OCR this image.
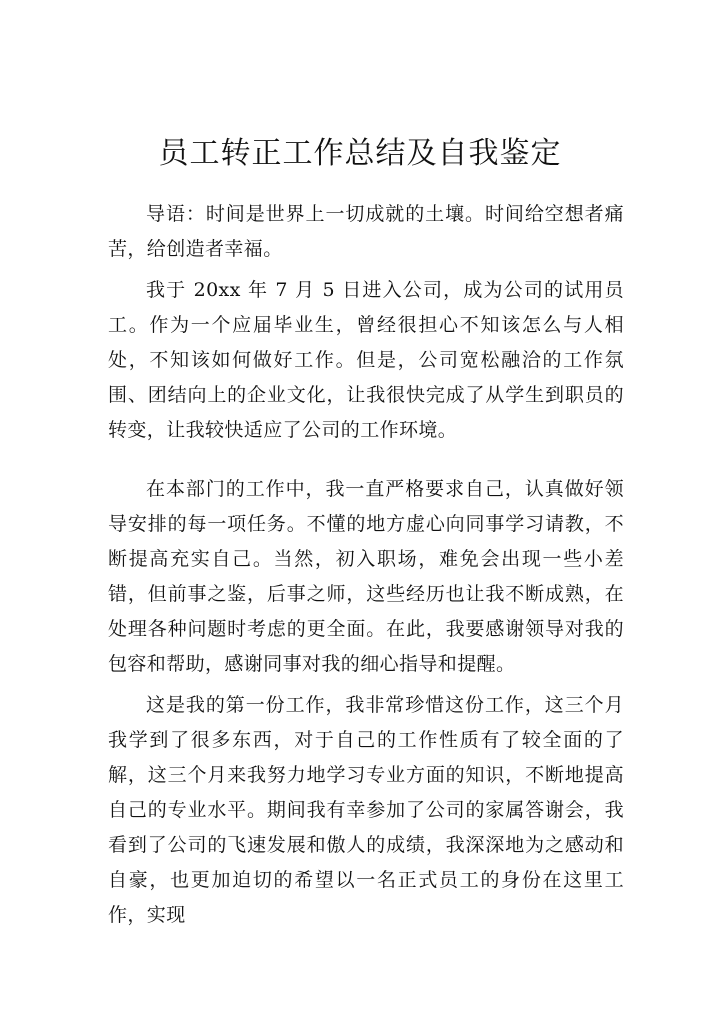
员工转正工作总结及自我鉴定

导语：时间是世界上一切成就的土壤。时间给空想者痛苦，给创造者幸福。

我于 20xx 年 7 月 5 日进入公司，成为公司的试用员工。作为一个应届毕业生，曾经很担心不知该怎么与人相处，不知该如何做好工作。但是，公司宽松融洽的工作氛围、团结向上的企业文化，让我很快完成了从学生到职员的转变，让我较快适应了公司的工作环境。

在本部门的工作中，我一直严格要求自己，认真做好领导安排的每一项任务。不懂的地方虚心向同事学习请教，不断提高充实自己。当然，初入职场，难免会出现一些小差错，但前事之鉴，后事之师，这些经历也让我不断成熟，在处理各种问题时考虑的更全面。在此，我要感谢领导对我的包容和帮助，感谢同事对我的细心指导和提醒。

这是我的第一份工作，我非常珍惜这份工作，这三个月我学到了很多东西，对于自己的工作性质有了较全面的了解，这三个月来我努力地学习专业方面的知识，不断地提高自己的专业水平。期间我有幸参加了公司的家属答谢会，我看到了公司的飞速发展和傲人的成绩，我深深地为之感动和自豪，也更加迫切的希望以一名正式员工的身份在这里工作，实现
